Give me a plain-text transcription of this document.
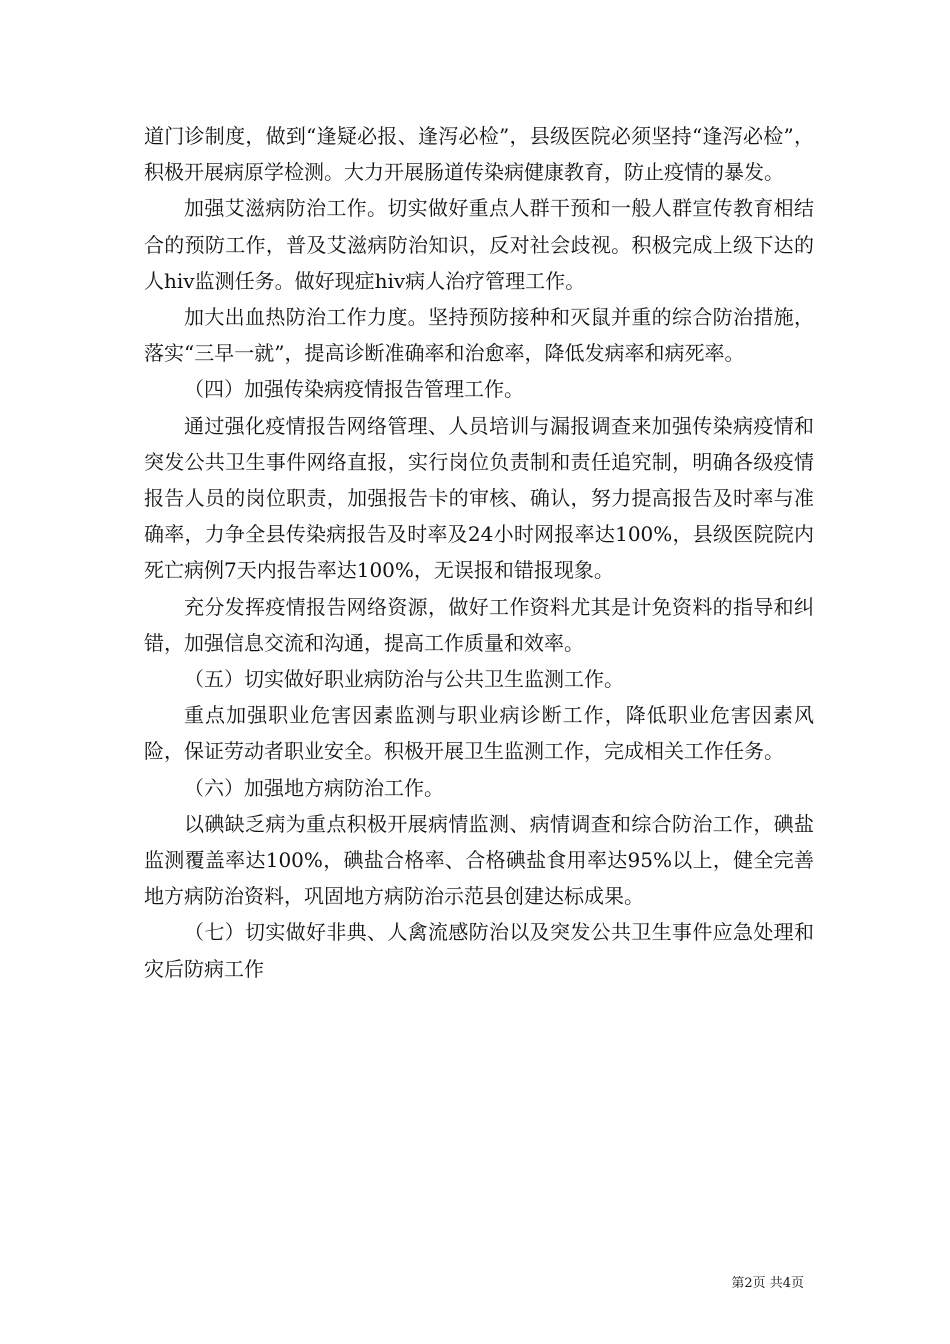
道门诊制度，做到“逢疑必报、逢泻必检”，县级医院必须坚持“逢泻必检”，积极开展病原学检测。大力开展肠道传染病健康教育，防止疫情的暴发。

加强艾滋病防治工作。切实做好重点人群干预和一般人群宣传教育相结合的预防工作，普及艾滋病防治知识，反对社会歧视。积极完成上级下达的人hiv监测任务。做好现症hiv病人治疗管理工作。

加大出血热防治工作力度。坚持预防接种和灭鼠并重的综合防治措施，落实“三早一就”，提高诊断准确率和治愈率，降低发病率和病死率。

（四）加强传染病疫情报告管理工作。

通过强化疫情报告网络管理、人员培训与漏报调查来加强传染病疫情和突发公共卫生事件网络直报，实行岗位负责制和责任追究制，明确各级疫情报告人员的岗位职责，加强报告卡的审核、确认，努力提高报告及时率与准确率，力争全县传染病报告及时率及24小时网报率达100%，县级医院院内死亡病例7天内报告率达100%，无误报和错报现象。

充分发挥疫情报告网络资源，做好工作资料尤其是计免资料的指导和纠错，加强信息交流和沟通，提高工作质量和效率。

（五）切实做好职业病防治与公共卫生监测工作。

重点加强职业危害因素监测与职业病诊断工作，降低职业危害因素风险，保证劳动者职业安全。积极开展卫生监测工作，完成相关工作任务。

（六）加强地方病防治工作。

以碘缺乏病为重点积极开展病情监测、病情调查和综合防治工作，碘盐监测覆盖率达100%，碘盐合格率、合格碘盐食用率达95%以上，健全完善地方病防治资料，巩固地方病防治示范县创建达标成果。

（七）切实做好非典、人禽流感防治以及突发公共卫生事件应急处理和灾后防病工作

第2页 共4页
